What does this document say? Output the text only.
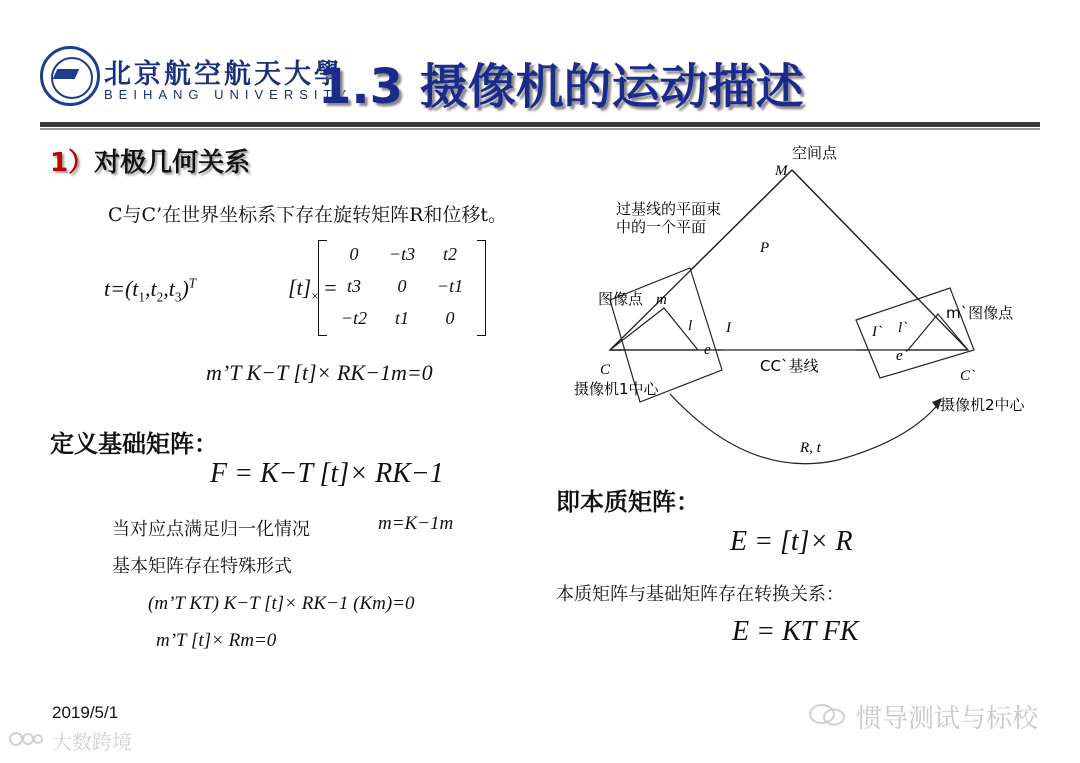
北京航空航天大學
BEIHANG UNIVERSITY
1.3 摄像机的运动描述
1）对极几何关系
C与C’在世界坐标系下存在旋转矩阵R和位移t。
$t=(t_1,t_2,t_3)^T$	$[t]_\times$ =
0	−t3	t2
t3	0	−t1
−t2	t1	0
m’T K−T [t]× RK−1m=0
定义基础矩阵：
F = K−T [t]× RK−1
当对应点满足归一化情况	m=K−1m
基本矩阵存在特殊形式
(m’T KT) K−T [t]× RK−1 (Km)=0
m’T [t]× Rm=0
即本质矩阵：
E = [t]× R
本质矩阵与基础矩阵存在转换关系：
E = KT FK
空间点
M
过基线的平面束
中的一个平面
P
图像点 m
l I
e
C	CC`基线
摄像机1中心
I` l`
e`
m`图像点
C`
摄像机2中心
R, t
2019/5/1	惯导测试与标校
大数跨境
